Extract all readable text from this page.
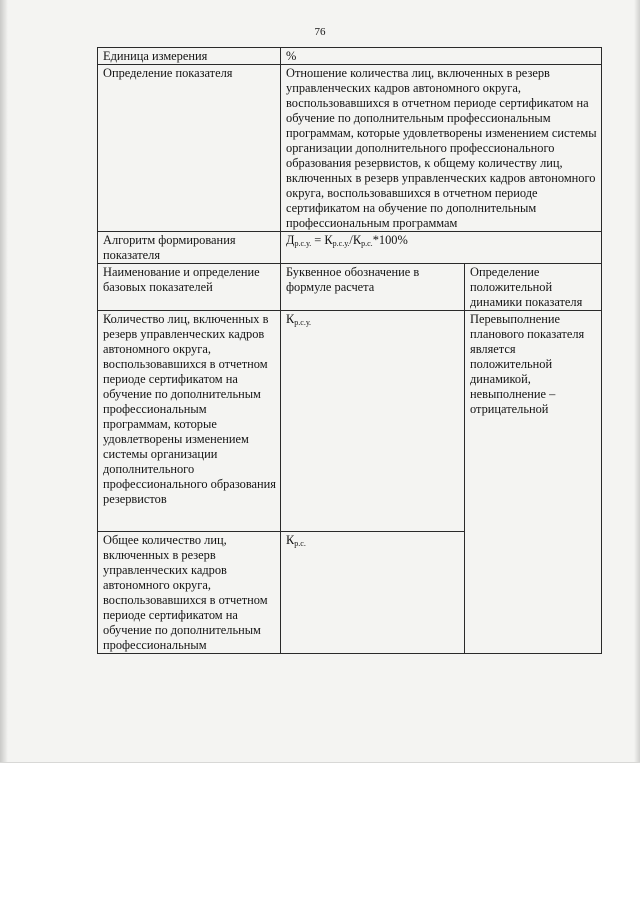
76
Единица измерения	%	
Определение показателя	Отношение количества лиц, включенных в резерв управленческих кадров автономного округа, воспользовавшихся в отчетном периоде сертификатом на обучение по дополнительным профессиональным программам, которые удовлетворены изменением системы организации дополнительного профессионального образования резервистов, к общему количеству лиц, включенных в резерв управленческих кадров автономного округа, воспользовавшихся в отчетном периоде сертификатом на обучение по дополнительным профессиональным программам	
Алгоритм формирования показателя	$Д_{р.с.у.} = К_{р.с.у.}/К_{р.с.}*100\%$	
Наименование и определение базовых показателей	Буквенное обозначение в формуле расчета	Определение положительной динамики показателя
Количество лиц, включенных в резерв управленческих кадров автономного округа, воспользовавшихся в отчетном периоде сертификатом на обучение по дополнительным профессиональным программам, которые удовлетворены изменением системы организации дополнительного профессионального образования резервистов	$К_{р.с.у.}$	Перевыполнение планового показателя является положительной динамикой, невыполнение – отрицательной
Общее количество лиц, включенных в резерв управленческих кадров автономного округа, воспользовавшихся в отчетном периоде сертификатом на обучение по дополнительным профессиональным	$К_{р.с.}$	
